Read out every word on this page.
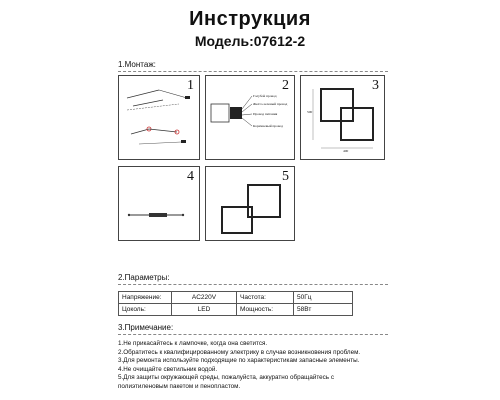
Инструкция
Модель:07612-2
1.Монтаж:
1	2
Голубой провод
Желто-зеленый провод
Провод питания
Коричневый провод
3
500
400
4	5
2.Параметры:
Напряжение:	AC220V	Частота:	50Гц
Цоколь:	LED	Мощность:	58Вт
3.Примечание:
1.Не прикасайтесь к лампочке, когда она светится.
2.Обратитесь к квалифицированному электрику в случае возникновения проблем.
3.Для ремонта используйте подходящие по характеристикам запасные элементы.
4.Не очищайте светильник водой.
5.Для защиты окружающей среды, пожалуйста, аккуратно обращайтесь с
полиэтиленовым пакетом и пенопластом.
